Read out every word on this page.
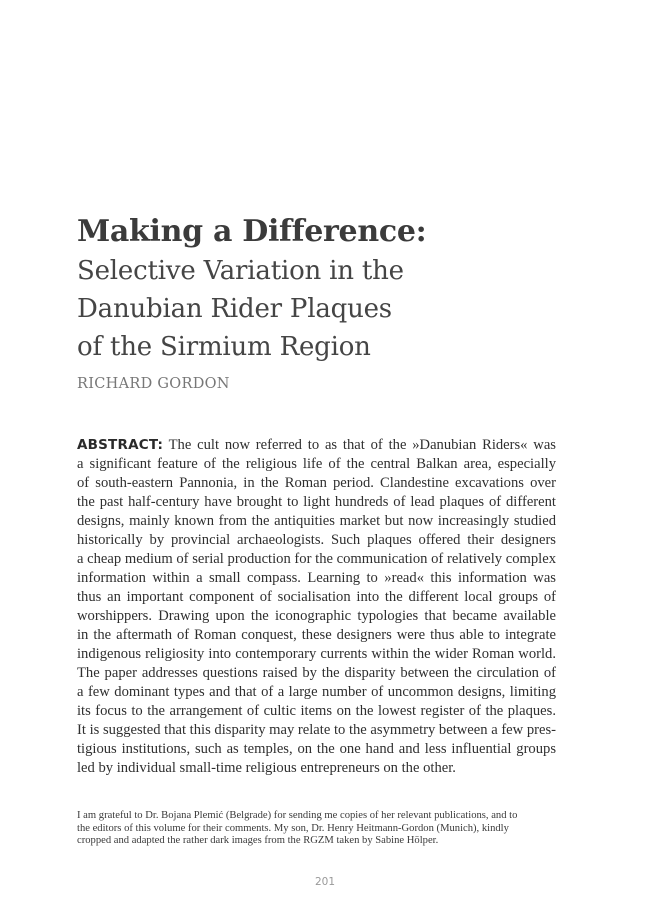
Making a Difference:
Selective Variation in the
Danubian Rider Plaques
of the Sirmium Region

RICHARD GORDON

ABSTRACT: The cult now referred to as that of the »Danubian Riders« was
a significant feature of the religious life of the central Balkan area, especially
of south-eastern Pannonia, in the Roman period. Clandestine excavations over
the past half-century have brought to light hundreds of lead plaques of different
designs, mainly known from the antiquities market but now increasingly studied
historically by provincial archaeologists. Such plaques offered their designers
a cheap medium of serial production for the communication of relatively complex
information within a small compass. Learning to »read« this information was
thus an important component of socialisation into the different local groups of
worshippers. Drawing upon the iconographic typologies that became available
in the aftermath of Roman conquest, these designers were thus able to integrate
indigenous religiosity into contemporary currents within the wider Roman world.
The paper addresses questions raised by the disparity between the circulation of
a few dominant types and that of a large number of uncommon designs, limiting
its focus to the arrangement of cultic items on the lowest register of the plaques.
It is suggested that this disparity may relate to the asymmetry between a few pres-
tigious institutions, such as temples, on the one hand and less influential groups
led by individual small-time religious entrepreneurs on the other.
I am grateful to Dr. Bojana Plemić (Belgrade) for sending me copies of her relevant publications, and to
the editors of this volume for their comments. My son, Dr. Henry Heitmann-Gordon (Munich), kindly
cropped and adapted the rather dark images from the RGZM taken by Sabine Hölper.
201
